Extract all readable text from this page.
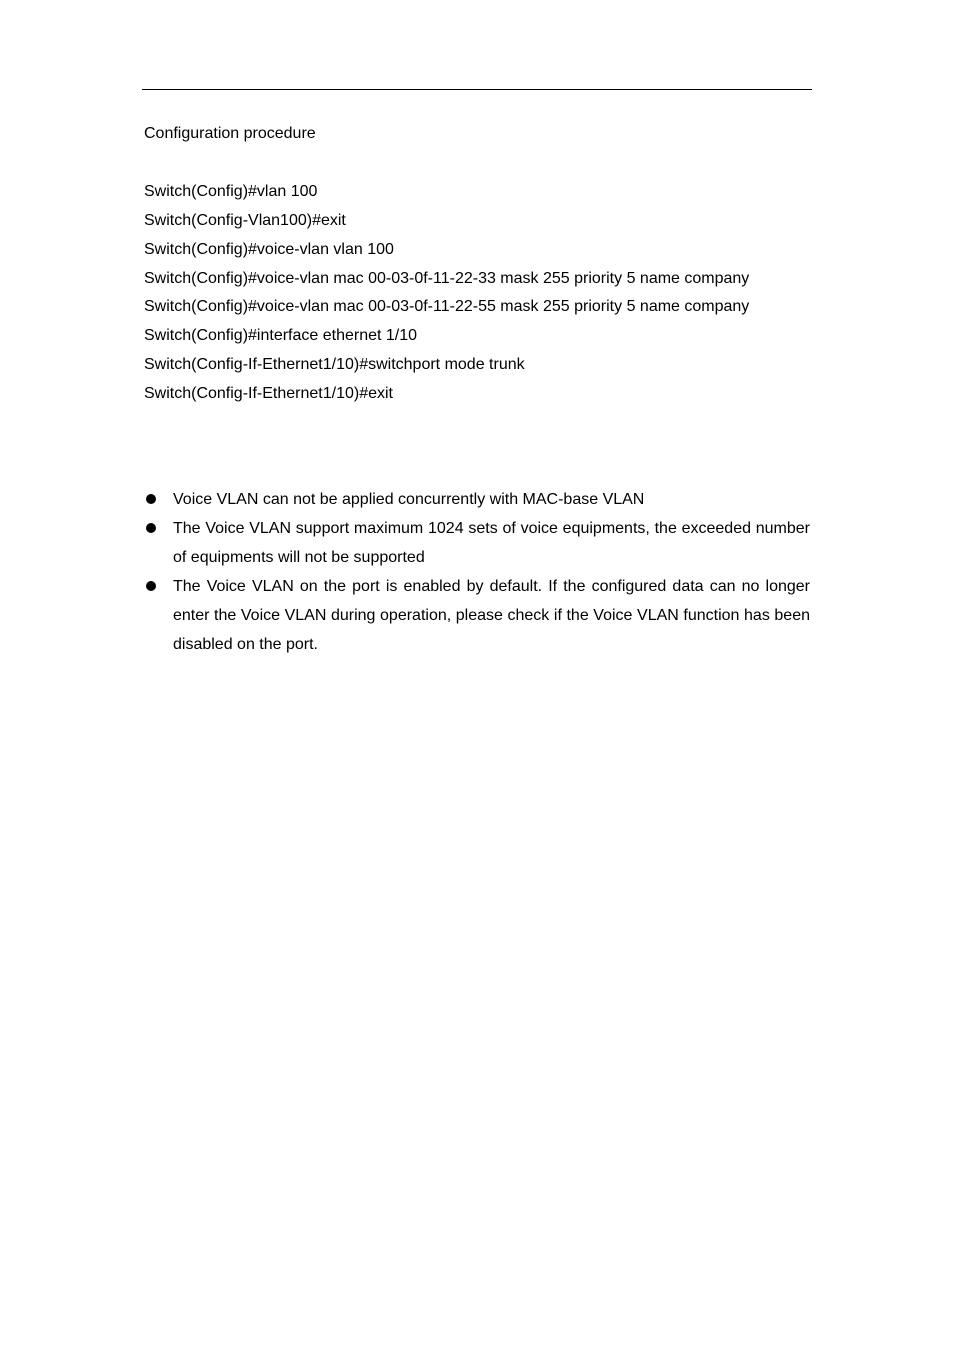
Configuration procedure
Switch(Config)#vlan 100
Switch(Config-Vlan100)#exit
Switch(Config)#voice-vlan vlan 100
Switch(Config)#voice-vlan mac 00-03-0f-11-22-33 mask 255 priority 5 name company
Switch(Config)#voice-vlan mac 00-03-0f-11-22-55 mask 255 priority 5 name company
Switch(Config)#interface ethernet 1/10
Switch(Config-If-Ethernet1/10)#switchport mode trunk
Switch(Config-If-Ethernet1/10)#exit
Voice VLAN can not be applied concurrently with MAC-base VLAN
The Voice VLAN support maximum 1024 sets of voice equipments, the exceeded number of equipments will not be supported
The Voice VLAN on the port is enabled by default. If the configured data can no longer enter the Voice VLAN during operation, please check if the Voice VLAN function has been disabled on the port.
